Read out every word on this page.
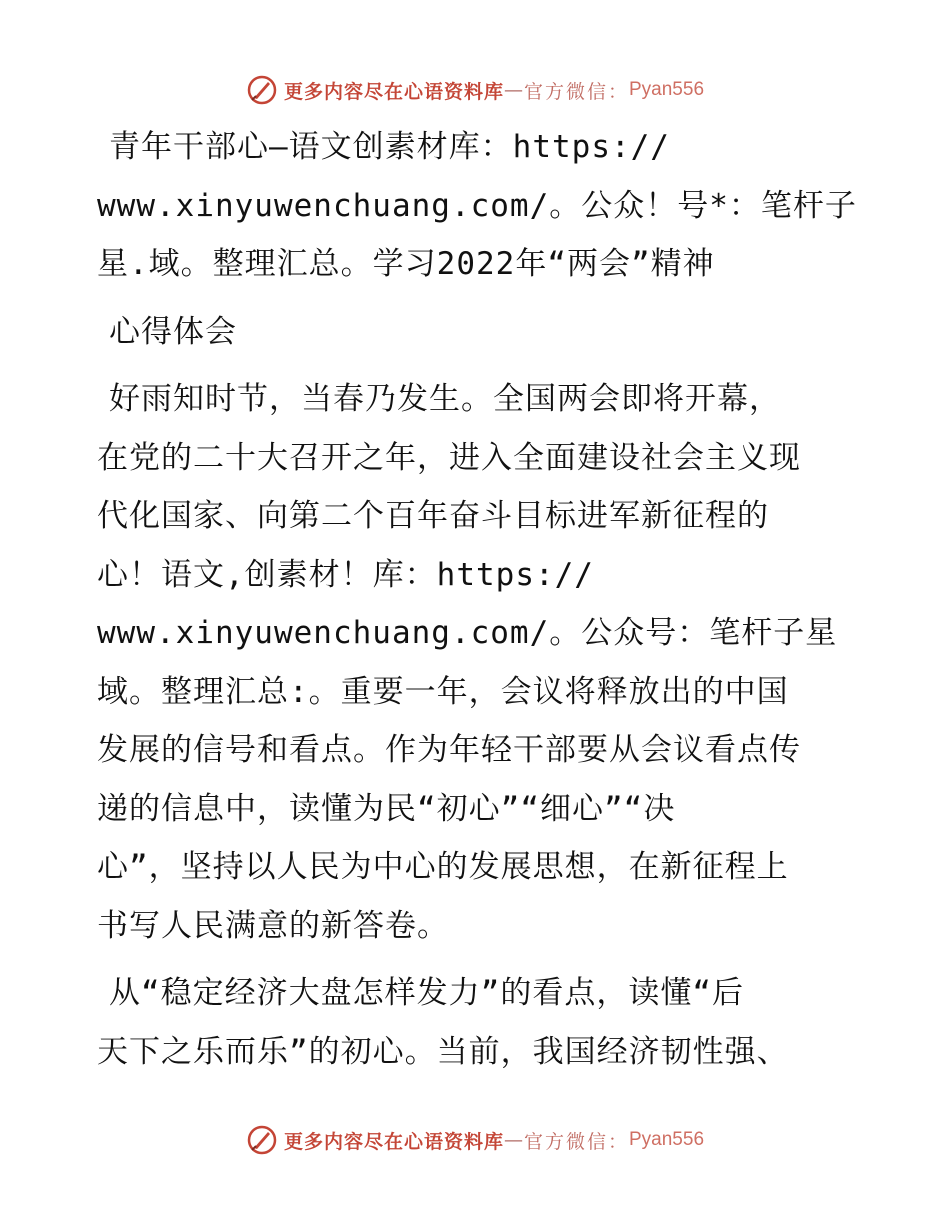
更多内容尽在心语资料库 — 官方微信： Pyan556

青年干部心—语文创素材库：https://
www.xinyuwenchuang.com/。公众！号*：笔杆子
星.域。整理汇总。学习2022年“两会”精神

心得体会

好雨知时节，当春乃发生。全国两会即将开幕，
在党的二十大召开之年，进入全面建设社会主义现
代化国家、向第二个百年奋斗目标进军新征程的
心！语文,创素材！库：https://
www.xinyuwenchuang.com/。公众号：笔杆子星
域。整理汇总:。重要一年，会议将释放出的中国
发展的信号和看点。作为年轻干部要从会议看点传
递的信息中，读懂为民“初心”“细心”“决
心”，坚持以人民为中心的发展思想，在新征程上
书写人民满意的新答卷。

从“稳定经济大盘怎样发力”的看点，读懂“后
天下之乐而乐”的初心。当前，我国经济韧性强、

更多内容尽在心语资料库 — 官方微信： Pyan556
